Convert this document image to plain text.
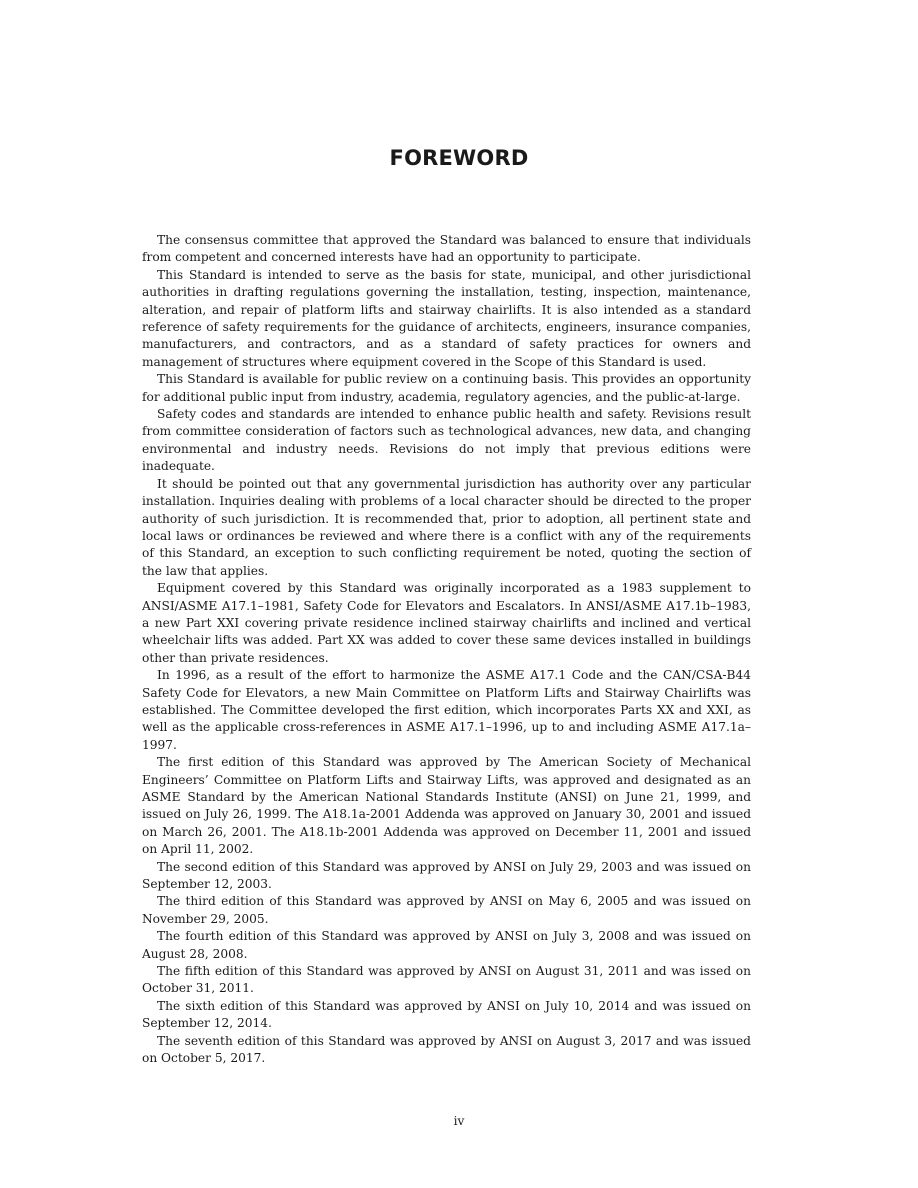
FOREWORD

The consensus committee that approved the Standard was balanced to ensure that individuals from competent and concerned interests have had an opportunity to participate.

This Standard is intended to serve as the basis for state, municipal, and other jurisdictional authorities in drafting regulations governing the installation, testing, inspection, maintenance, alteration, and repair of platform lifts and stairway chairlifts. It is also intended as a standard reference of safety requirements for the guidance of architects, engineers, insurance companies, manufacturers, and contractors, and as a standard of safety practices for owners and management of structures where equipment covered in the Scope of this Standard is used.

This Standard is available for public review on a continuing basis. This provides an opportunity for additional public input from industry, academia, regulatory agencies, and the public-at-large.

Safety codes and standards are intended to enhance public health and safety. Revisions result from committee consideration of factors such as technological advances, new data, and changing environmental and industry needs. Revisions do not imply that previous editions were inadequate.

It should be pointed out that any governmental jurisdiction has authority over any particular installation. Inquiries dealing with problems of a local character should be directed to the proper authority of such jurisdiction. It is recommended that, prior to adoption, all pertinent state and local laws or ordinances be reviewed and where there is a conflict with any of the requirements of this Standard, an exception to such conflicting requirement be noted, quoting the section of the law that applies.

Equipment covered by this Standard was originally incorporated as a 1983 supplement to ANSI/ASME A17.1–1981, Safety Code for Elevators and Escalators. In ANSI/ASME A17.1b–1983, a new Part XXI covering private residence inclined stairway chairlifts and inclined and vertical wheelchair lifts was added. Part XX was added to cover these same devices installed in buildings other than private residences.

In 1996, as a result of the effort to harmonize the ASME A17.1 Code and the CAN/CSA-B44 Safety Code for Elevators, a new Main Committee on Platform Lifts and Stairway Chairlifts was established. The Committee developed the first edition, which incorporates Parts XX and XXI, as well as the applicable cross-references in ASME A17.1–1996, up to and including ASME A17.1a–1997.

The first edition of this Standard was approved by The American Society of Mechanical Engineers’ Committee on Platform Lifts and Stairway Lifts, was approved and designated as an ASME Standard by the American National Standards Institute (ANSI) on June 21, 1999, and issued on July 26, 1999. The A18.1a-2001 Addenda was approved on January 30, 2001 and issued on March 26, 2001. The A18.1b-2001 Addenda was approved on December 11, 2001 and issued on April 11, 2002.

The second edition of this Standard was approved by ANSI on July 29, 2003 and was issued on September 12, 2003.

The third edition of this Standard was approved by ANSI on May 6, 2005 and was issued on November 29, 2005.

The fourth edition of this Standard was approved by ANSI on July 3, 2008 and was issued on August 28, 2008.

The fifth edition of this Standard was approved by ANSI on August 31, 2011 and was issed on October 31, 2011.

The sixth edition of this Standard was approved by ANSI on July 10, 2014 and was issued on September 12, 2014.

The seventh edition of this Standard was approved by ANSI on August 3, 2017 and was issued on October 5, 2017.

iv
